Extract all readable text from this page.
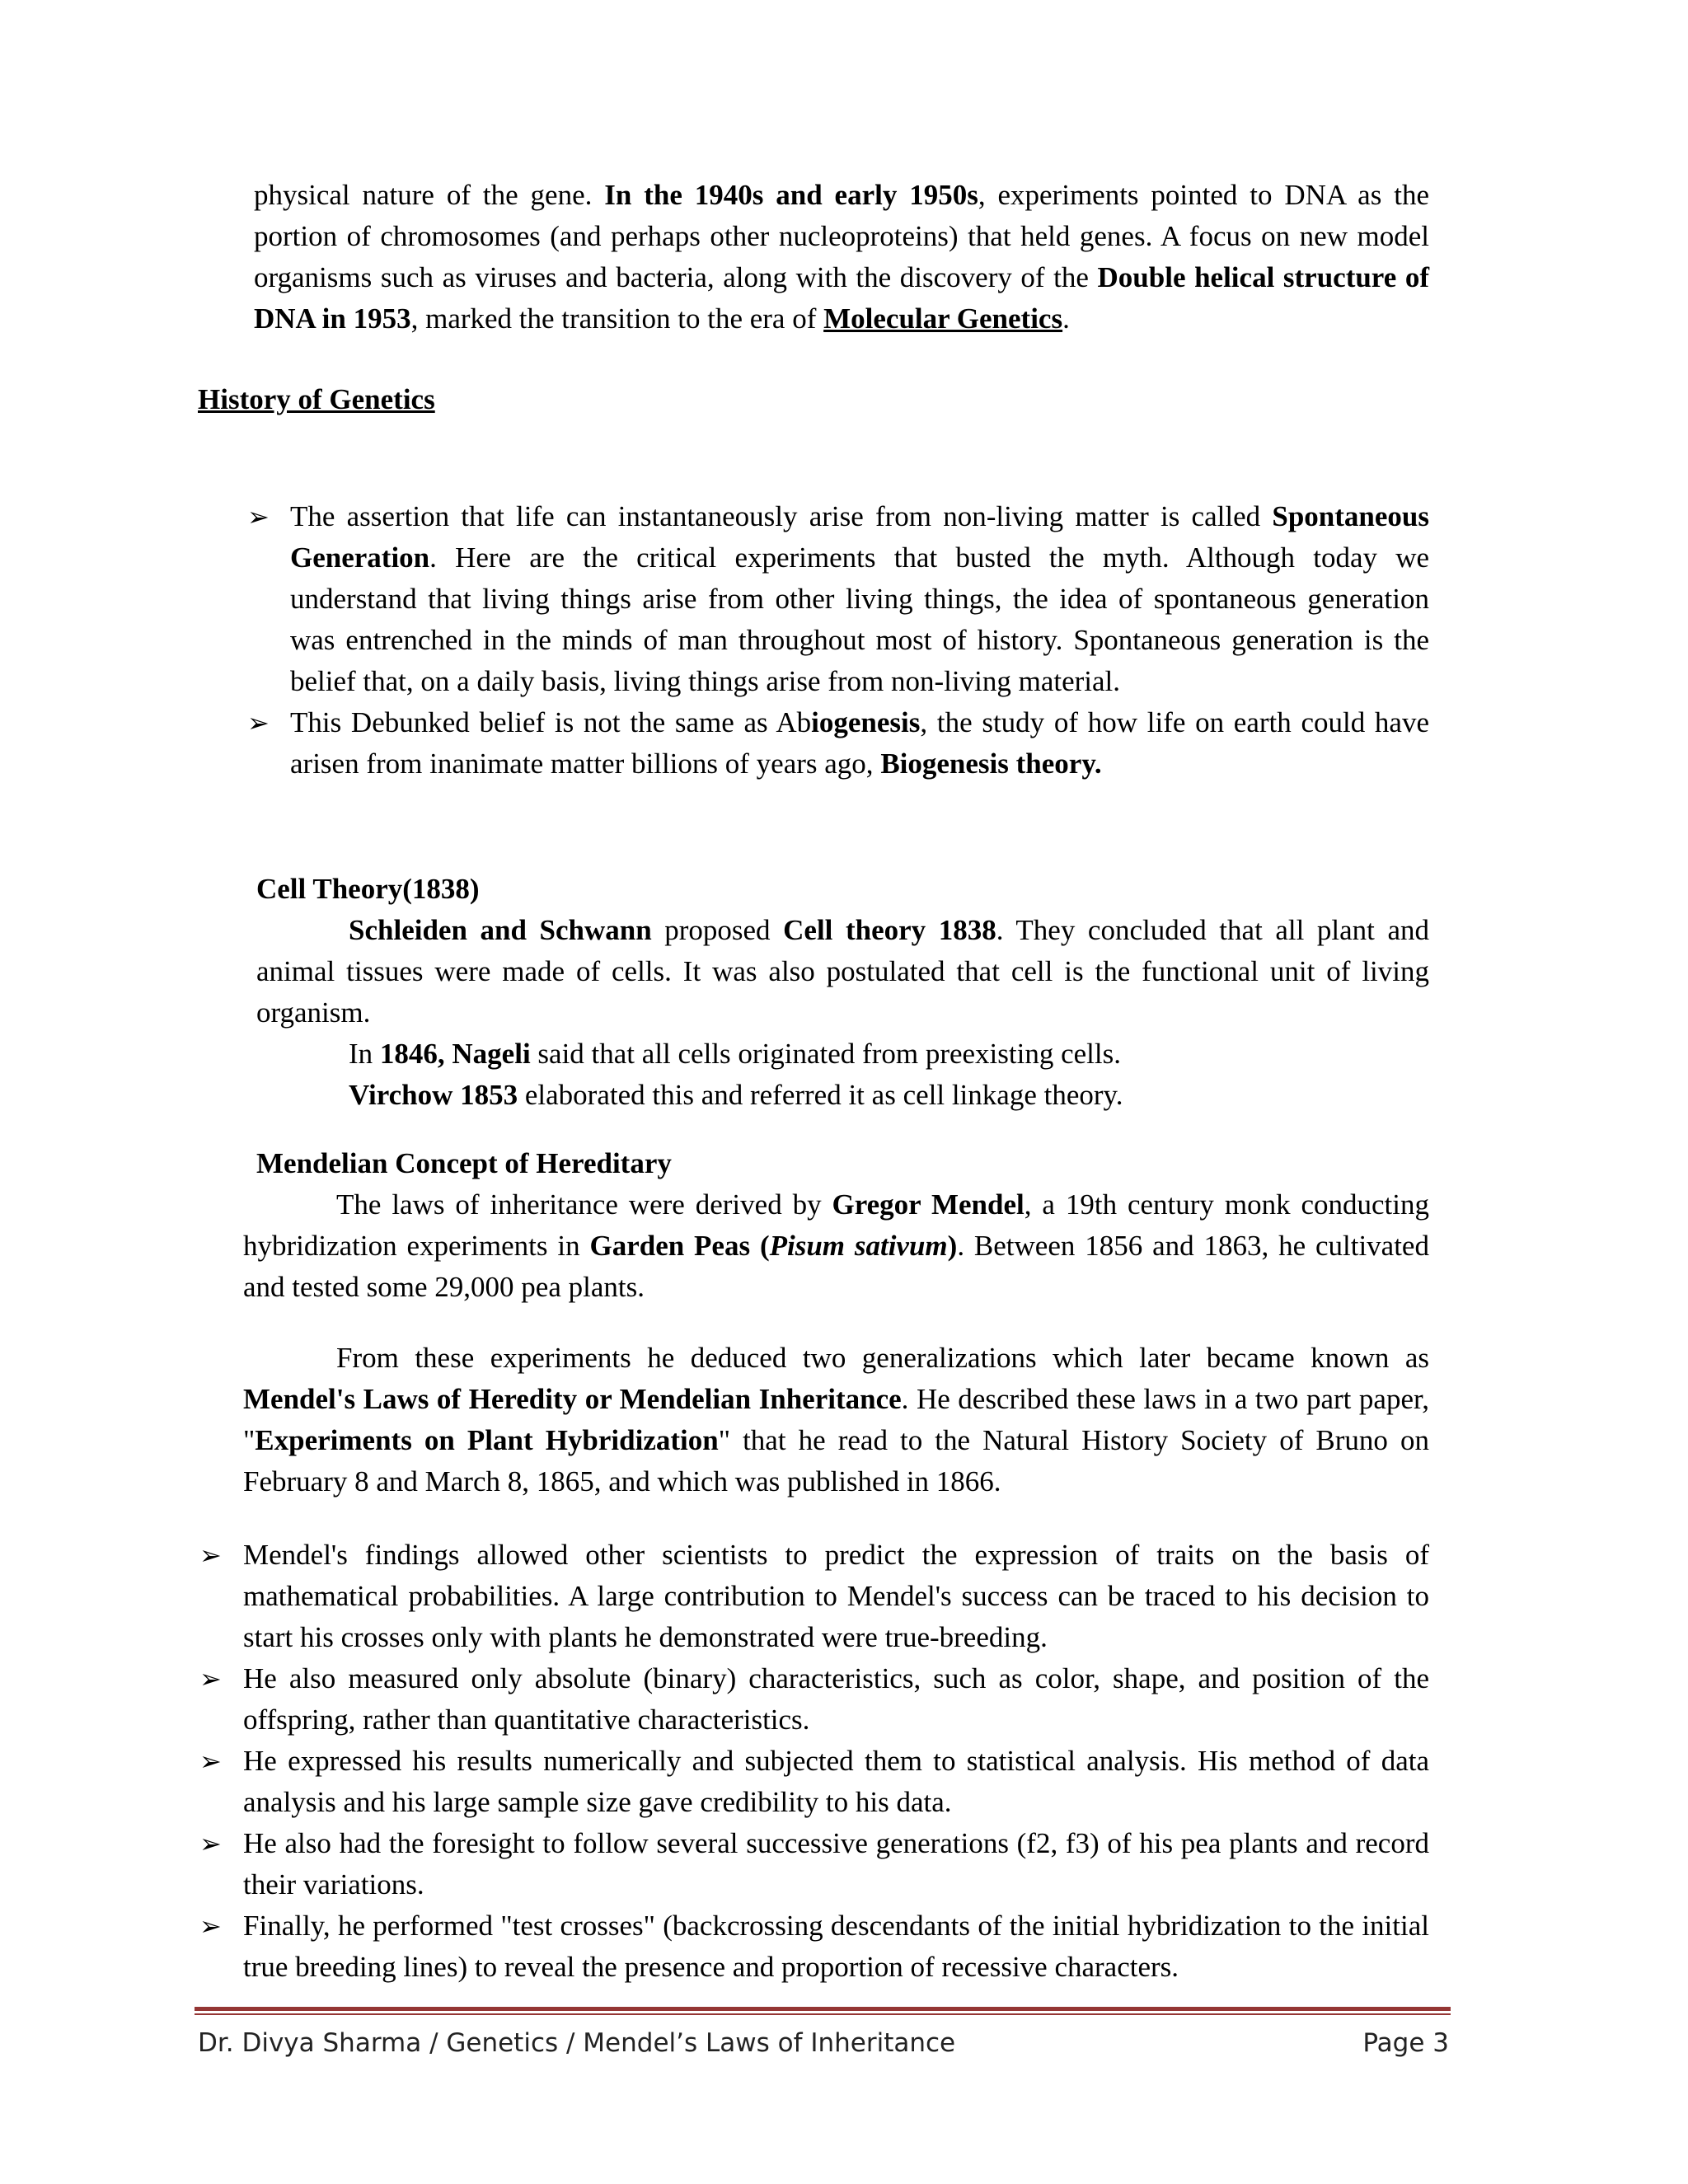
physical nature of the gene. In the 1940s and early 1950s, experiments pointed to DNA as the portion of chromosomes (and perhaps other nucleoproteins) that held genes. A focus on new model organisms such as viruses and bacteria, along with the discovery of the Double helical structure of DNA in 1953, marked the transition to the era of Molecular Genetics.

History of Genetics
➢ The assertion that life can instantaneously arise from non-living matter is called Spontaneous Generation. Here are the critical experiments that busted the myth. Although today we understand that living things arise from other living things, the idea of spontaneous generation was entrenched in the minds of man throughout most of history. Spontaneous generation is the belief that, on a daily basis, living things arise from non-living material.

➢ This Debunked belief is not the same as Abiogenesis, the study of how life on earth could have arisen from inanimate matter billions of years ago, Biogenesis theory.

Cell Theory(1838)

Schleiden and Schwann proposed Cell theory 1838. They concluded that all plant and animal tissues were made of cells. It was also postulated that cell is the functional unit of living organism.

In 1846, Nageli said that all cells originated from preexisting cells.

Virchow 1853 elaborated this and referred it as cell linkage theory.

Mendelian Concept of Hereditary

The laws of inheritance were derived by Gregor Mendel, a 19th century monk conducting hybridization experiments in Garden Peas (Pisum sativum). Between 1856 and 1863, he cultivated and tested some 29,000 pea plants.

From these experiments he deduced two generalizations which later became known as Mendel's Laws of Heredity or Mendelian Inheritance. He described these laws in a two part paper, "Experiments on Plant Hybridization" that he read to the Natural History Society of Bruno on February 8 and March 8, 1865, and which was published in 1866.

➢ Mendel's findings allowed other scientists to predict the expression of traits on the basis of mathematical probabilities. A large contribution to Mendel's success can be traced to his decision to start his crosses only with plants he demonstrated were true-breeding.

➢ He also measured only absolute (binary) characteristics, such as color, shape, and position of the offspring, rather than quantitative characteristics.

➢ He expressed his results numerically and subjected them to statistical analysis. His method of data analysis and his large sample size gave credibility to his data.

➢ He also had the foresight to follow several successive generations (f2, f3) of his pea plants and record their variations.

➢ Finally, he performed "test crosses" (backcrossing descendants of the initial hybridization to the initial true breeding lines) to reveal the presence and proportion of recessive characters.

Dr. Divya Sharma / Genetics / Mendel’s Laws of Inheritance	Page 3
